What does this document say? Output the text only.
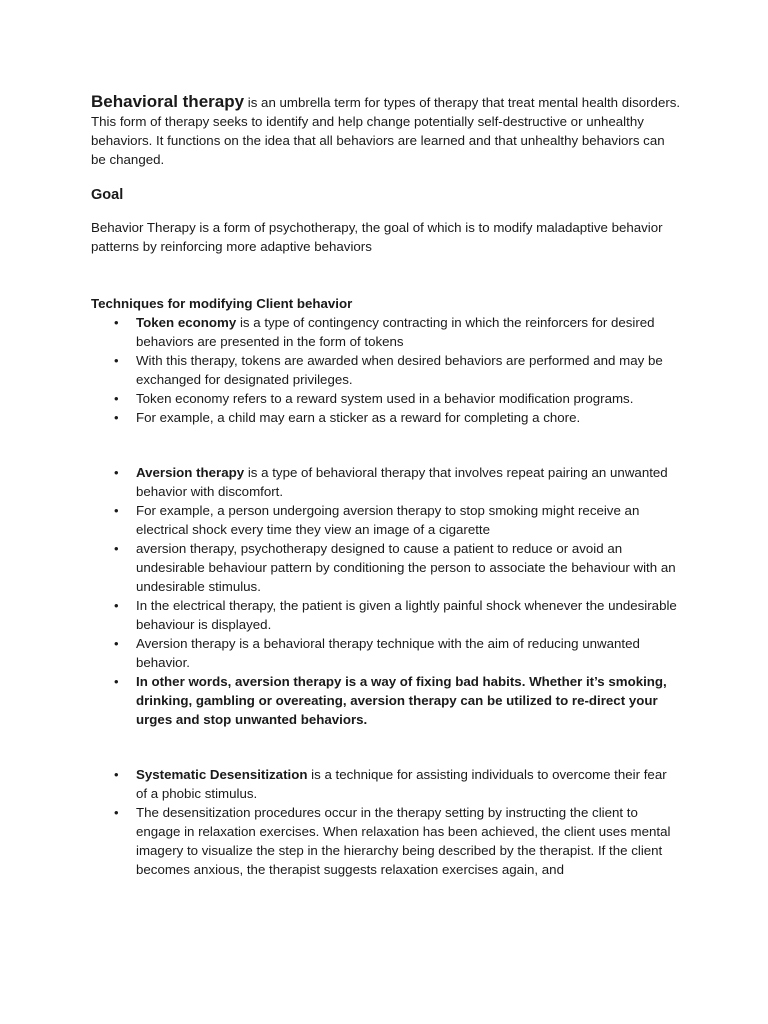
Behavioral therapy is an umbrella term for types of therapy that treat mental health disorders. This form of therapy seeks to identify and help change potentially self-destructive or unhealthy behaviors. It functions on the idea that all behaviors are learned and that unhealthy behaviors can be changed.

Goal

Behavior Therapy is a form of psychotherapy, the goal of which is to modify maladaptive behavior patterns by reinforcing more adaptive behaviors

Techniques for modifying Client behavior
• Token economy is a type of contingency contracting in which the reinforcers for desired behaviors are presented in the form of tokens
• With this therapy, tokens are awarded when desired behaviors are performed and may be exchanged for designated privileges.
• Token economy refers to a reward system used in a behavior modification programs.
• For example, a child may earn a sticker as a reward for completing a chore.
• Aversion therapy is a type of behavioral therapy that involves repeat pairing an unwanted behavior with discomfort.
• For example, a person undergoing aversion therapy to stop smoking might receive an electrical shock every time they view an image of a cigarette
• aversion therapy, psychotherapy designed to cause a patient to reduce or avoid an undesirable behaviour pattern by conditioning the person to associate the behaviour with an undesirable stimulus.
• In the electrical therapy, the patient is given a lightly painful shock whenever the undesirable behaviour is displayed.
• Aversion therapy is a behavioral therapy technique with the aim of reducing unwanted behavior.
• In other words, aversion therapy is a way of fixing bad habits. Whether it’s smoking, drinking, gambling or overeating, aversion therapy can be utilized to re-direct your urges and stop unwanted behaviors.
• Systematic Desensitization is a technique for assisting individuals to overcome their fear of a phobic stimulus.
• The desensitization procedures occur in the therapy setting by instructing the client to engage in relaxation exercises. When relaxation has been achieved, the client uses mental imagery to visualize the step in the hierarchy being described by the therapist. If the client becomes anxious, the therapist suggests relaxation exercises again, and
